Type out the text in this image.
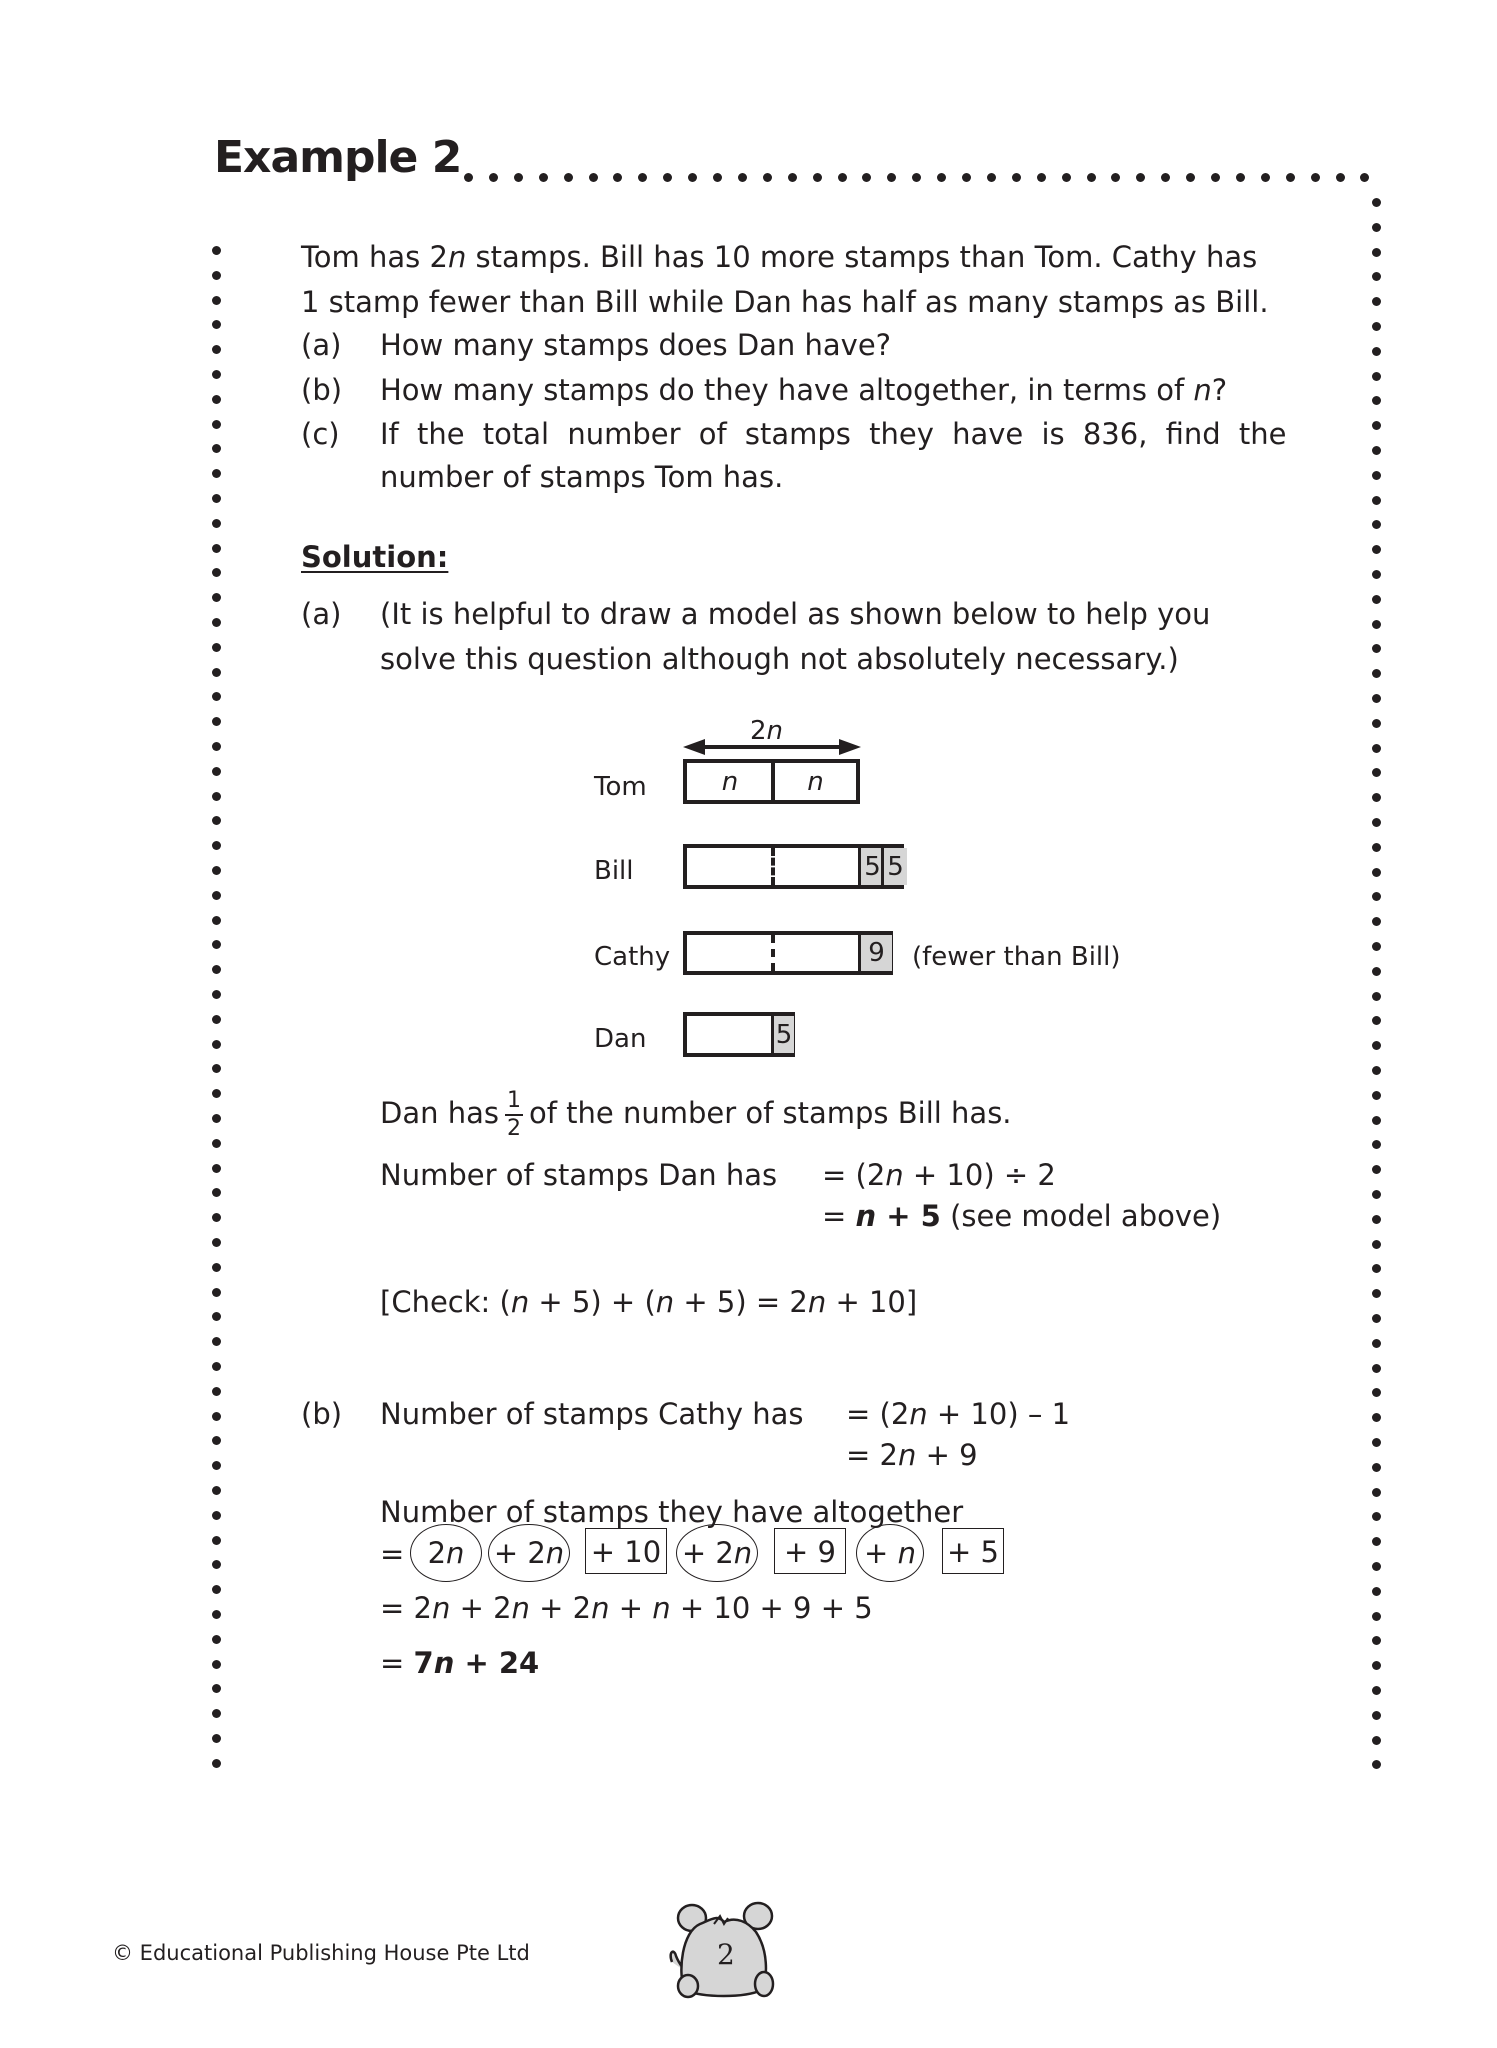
Example 2
Tom has 2n stamps. Bill has 10 more stamps than Tom. Cathy has
1 stamp fewer than Bill while Dan has half as many stamps as Bill.
(a) How many stamps does Dan have?
(b) How many stamps do they have altogether, in terms of n?
(c) If the total number of stamps they have is 836, find the
number of stamps Tom has.
Solution:
(a) (It is helpful to draw a model as shown below to help you
solve this question although not absolutely necessary.)
2n
Tom	n	n
Bill	5 5
Cathy	9 (fewer than Bill)
Dan	5
Dan has $\frac{1}{2}$ of the number of stamps Bill has.
Number of stamps Dan has = (2n + 10) ÷ 2
= n + 5 (see model above)
[Check: (n + 5) + (n + 5) = 2n + 10]
(b) Number of stamps Cathy has = (2n + 10) – 1
= 2n + 9
Number of stamps they have altogether
= 2n	+ 2n + 10 + 2n	+ 9 + n + 5
= 2n + 2n + 2n + n + 10 + 9 + 5
= 7n + 24
© Educational Publishing House Pte Ltd	2
